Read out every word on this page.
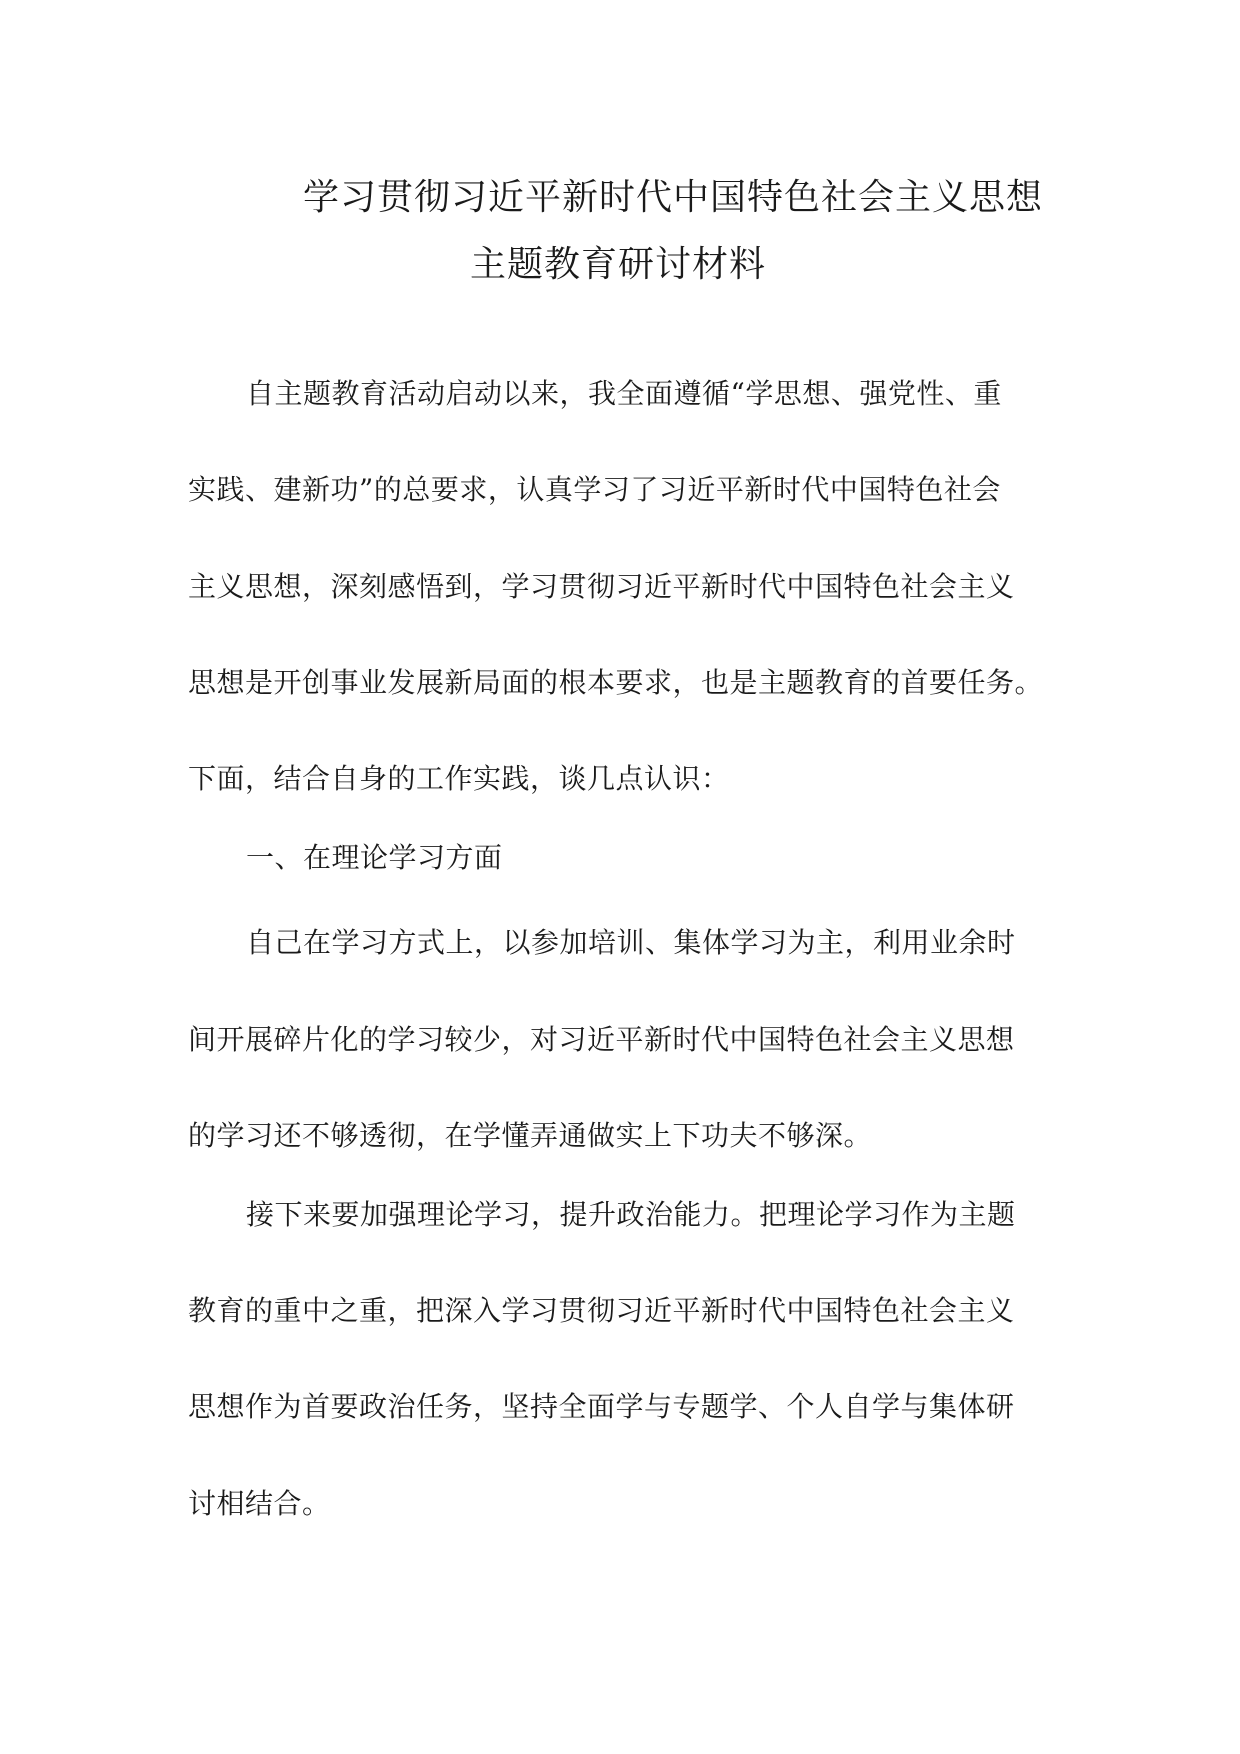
学习贯彻习近平新时代中国特色社会主义思想
主题教育研讨材料
自主题教育活动启动以来，我全面遵循“学思想、强党性、重
实践、建新功”的总要求，认真学习了习近平新时代中国特色社会
主义思想，深刻感悟到，学习贯彻习近平新时代中国特色社会主义
思想是开创事业发展新局面的根本要求，也是主题教育的首要任务。
下面，结合自身的工作实践，谈几点认识：
一、在理论学习方面
自己在学习方式上，以参加培训、集体学习为主，利用业余时
间开展碎片化的学习较少，对习近平新时代中国特色社会主义思想
的学习还不够透彻，在学懂弄通做实上下功夫不够深。
接下来要加强理论学习，提升政治能力。把理论学习作为主题
教育的重中之重，把深入学习贯彻习近平新时代中国特色社会主义
思想作为首要政治任务，坚持全面学与专题学、个人自学与集体研
讨相结合。
